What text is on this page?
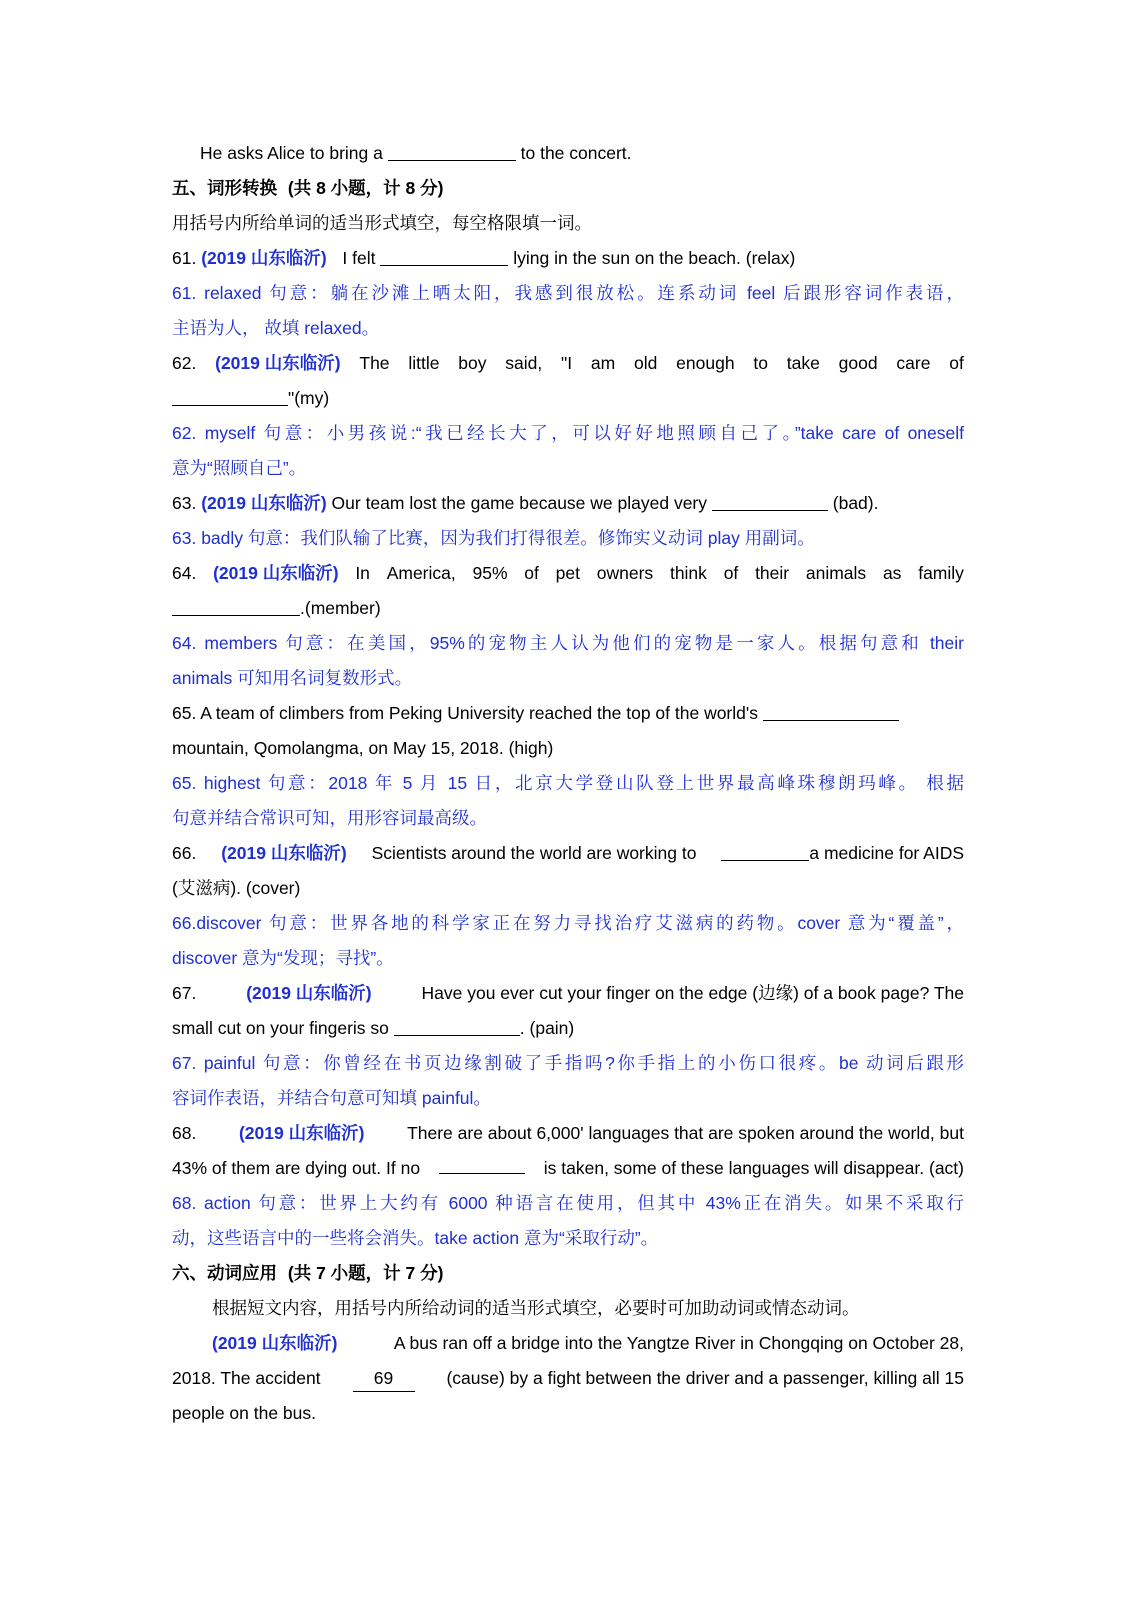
He asks Alice to bring a	to the concert.
五、词形转换 (共 8 小题，计 8 分)
用括号内所给单词的适当形式填空，每空格限填一词。
61. (2019 山东临沂) I felt	lying in the sun on the beach. (relax)
61. relaxed 句意：躺在沙滩上晒太阳，我感到很放松。连系动词 feel 后跟形容词作表语，
主语为人， 故填 relaxed。
62. (2019 山东临沂) The little boy said, "I am old enough to take good care of
"(my)
62. myself 句意：小男孩说:“我已经长大了，可以好好地照顾自己了。”take care of oneself
意为“照顾自己”。
63. (2019 山东临沂) Our team lost the game because we played very	(bad).
63. badly 句意：我们队输了比赛，因为我们打得很差。修饰实义动词 play 用副词。
64. (2019 山东临沂) In America, 95% of pet owners think of their animals as family
.(member)
64. members 句意：在美国，95%的宠物主人认为他们的宠物是一家人。根据句意和 their
animals 可知用名词复数形式。
65. A team of climbers from Peking University reached the top of the world's
mountain, Qomolangma, on May 15, 2018. (high)
65. highest 句意：2018 年 5 月 15 日，北京大学登山队登上世界最高峰珠穆朗玛峰。 根据
句意并结合常识可知，用形容词最高级。
66. (2019 山东临沂) Scientists around the world are working to	a medicine for AIDS
(艾滋病). (cover)
66.discover 句意：世界各地的科学家正在努力寻找治疗艾滋病的药物。cover 意为“覆盖”，
discover 意为“发现；寻找”。
67.	(2019 山东临沂)	Have you ever cut your finger on the edge (边缘) of a book page? The
small cut on your fingeris so	. (pain)
67. painful 句意：你曾经在书页边缘割破了手指吗?你手指上的小伤口很疼。be 动词后跟形
容词作表语，并结合句意可知填 painful。
68. (2019 山东临沂) There are about 6,000' languages that are spoken around the world, but
43% of them are dying out. If no	is taken, some of these languages will disappear. (act)
68. action 句意：世界上大约有 6000 种语言在使用，但其中 43%正在消失。如果不采取行
动，这些语言中的一些将会消失。take action 意为“采取行动”。
六、动词应用 (共 7 小题，计 7 分)
根据短文内容，用括号内所给动词的适当形式填空，必要时可加助动词或情态动词。
(2019 山东临沂)	A bus ran off a bridge into the Yangtze River in Chongqing on October 28,
2018. The accident	69	(cause) by a fight between the driver and a passenger, killing all 15
people on the bus.
